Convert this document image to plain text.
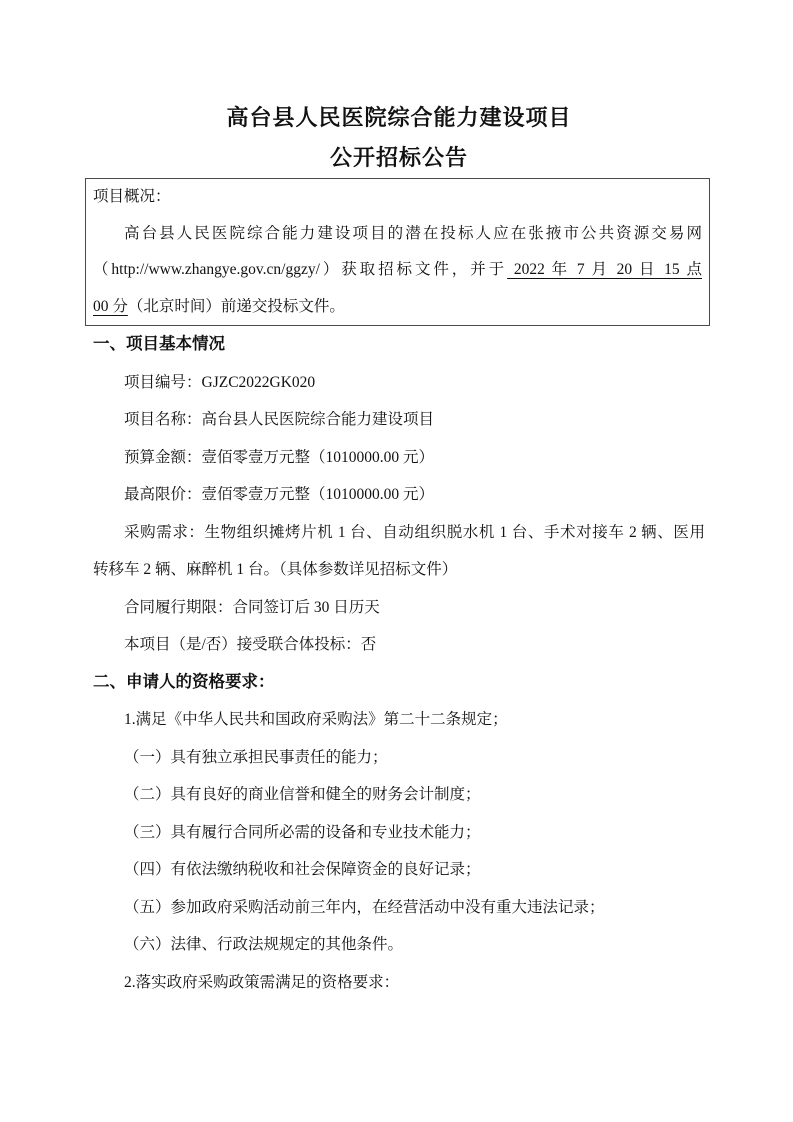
高台县人民医院综合能力建设项目
公开招标公告
项目概况：
高台县人民医院综合能力建设项目的潜在投标人应在张掖市公共资源交易网
（http://www.zhangye.gov.cn/ggzy/）获取招标文件，并于 2022 年 7 月 20 日 15 点
00 分（北京时间）前递交投标文件。
一、项目基本情况
项目编号：GJZC2022GK020
项目名称：高台县人民医院综合能力建设项目
预算金额：壹佰零壹万元整（1010000.00 元）
最高限价：壹佰零壹万元整（1010000.00 元）
采购需求：生物组织摊烤片机 1 台、自动组织脱水机 1 台、手术对接车 2 辆、医用
转移车 2 辆、麻醉机 1 台。（具体参数详见招标文件）
合同履行期限：合同签订后 30 日历天
本项目（是/否）接受联合体投标：否
二、申请人的资格要求：
1.满足《中华人民共和国政府采购法》第二十二条规定；
（一）具有独立承担民事责任的能力；
（二）具有良好的商业信誉和健全的财务会计制度；
（三）具有履行合同所必需的设备和专业技术能力；
（四）有依法缴纳税收和社会保障资金的良好记录；
（五）参加政府采购活动前三年内，在经营活动中没有重大违法记录；
（六）法律、行政法规规定的其他条件。
2.落实政府采购政策需满足的资格要求：
